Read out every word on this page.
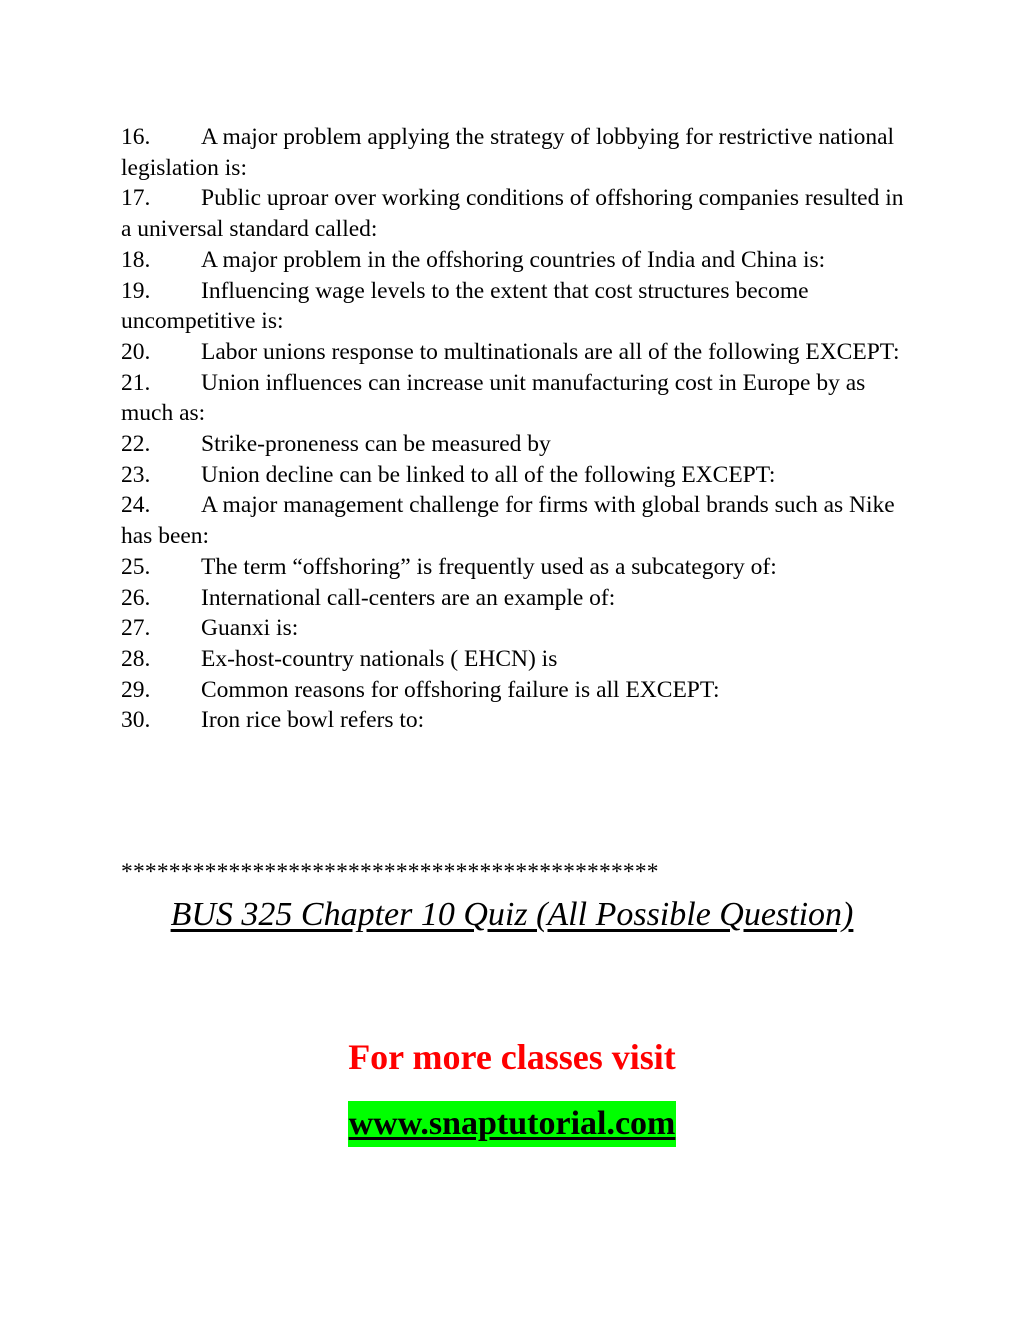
16. A major problem applying the strategy of lobbying for restrictive national legislation is:
17. Public uproar over working conditions of offshoring companies resulted in a universal standard called:
18. A major problem in the offshoring countries of India and China is:
19. Influencing wage levels to the extent that cost structures become uncompetitive is:
20. Labor unions response to multinationals are all of the following EXCEPT:
21. Union influences can increase unit manufacturing cost in Europe by as much as:
22. Strike-proneness can be measured by
23. Union decline can be linked to all of the following EXCEPT:
24. A major management challenge for firms with global brands such as Nike has been:
25. The term “offshoring” is frequently used as a subcategory of:
26. International call-centers are an example of:
27. Guanxi is:
28. Ex-host-country nationals ( EHCN) is
29. Common reasons for offshoring failure is all EXCEPT:
30. Iron rice bowl refers to:
*********************************************
BUS 325 Chapter 10 Quiz (All Possible Question)
For more classes visit
www.snaptutorial.com
